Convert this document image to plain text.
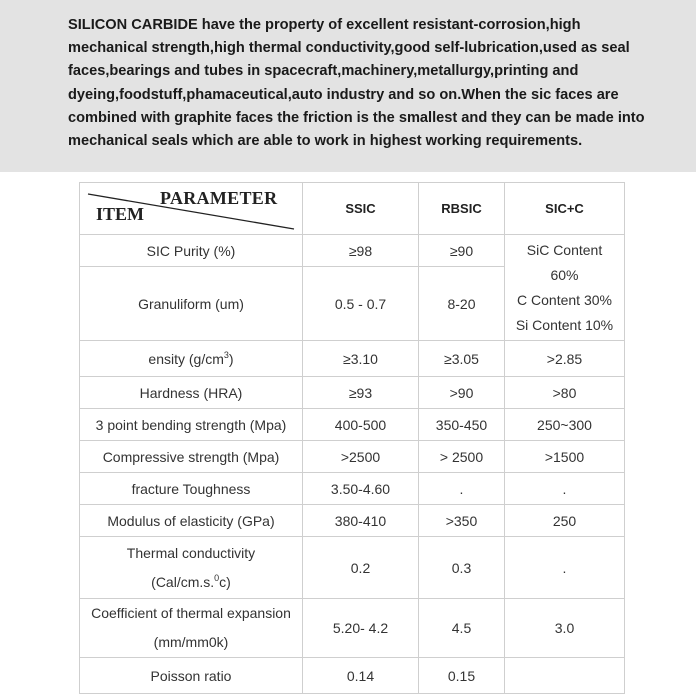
SILICON CARBIDE have the property of excellent resistant-corrosion,high
mechanical strength,high thermal conductivity,good self-lubrication,used as seal
faces,bearings and tubes in spacecraft,machinery,metallurgy,printing and
dyeing,foodstuff,phamaceutical,auto industry and so on.When the sic faces are
combined with graphite faces the friction is the smallest and they can be made into
mechanical seals which are able to work in highest working requirements.

PARAMETER
ITEM	SSIC	RBSIC	SIC+C
SIC Purity (%)	≥98	≥90	SiC Content
60%
C Content 30%
Si Content 10%
Granuliform (um)	0.5 - 0.7	8-20	
ensity $(g/cm^3)$	≥3.10	≥3.05	>2.85
Hardness (HRA)	≥93	>90	>80
3 point bending strength (Mpa)	400-500	350-450	250~300
Compressive strength (Mpa)	>2500	> 2500	>1500
fracture Toughness	3.50-4.60	.	.
Modulus of elasticity (GPa)	380-410	>350	250
Thermal conductivity
(Cal/cm.s.$^0$c)	0.2	0.3	.
Coefficient of thermal expansion
(mm/mm0k)	5.20- 4.2	4.5	3.0
Poisson ratio	0.14	0.15	
